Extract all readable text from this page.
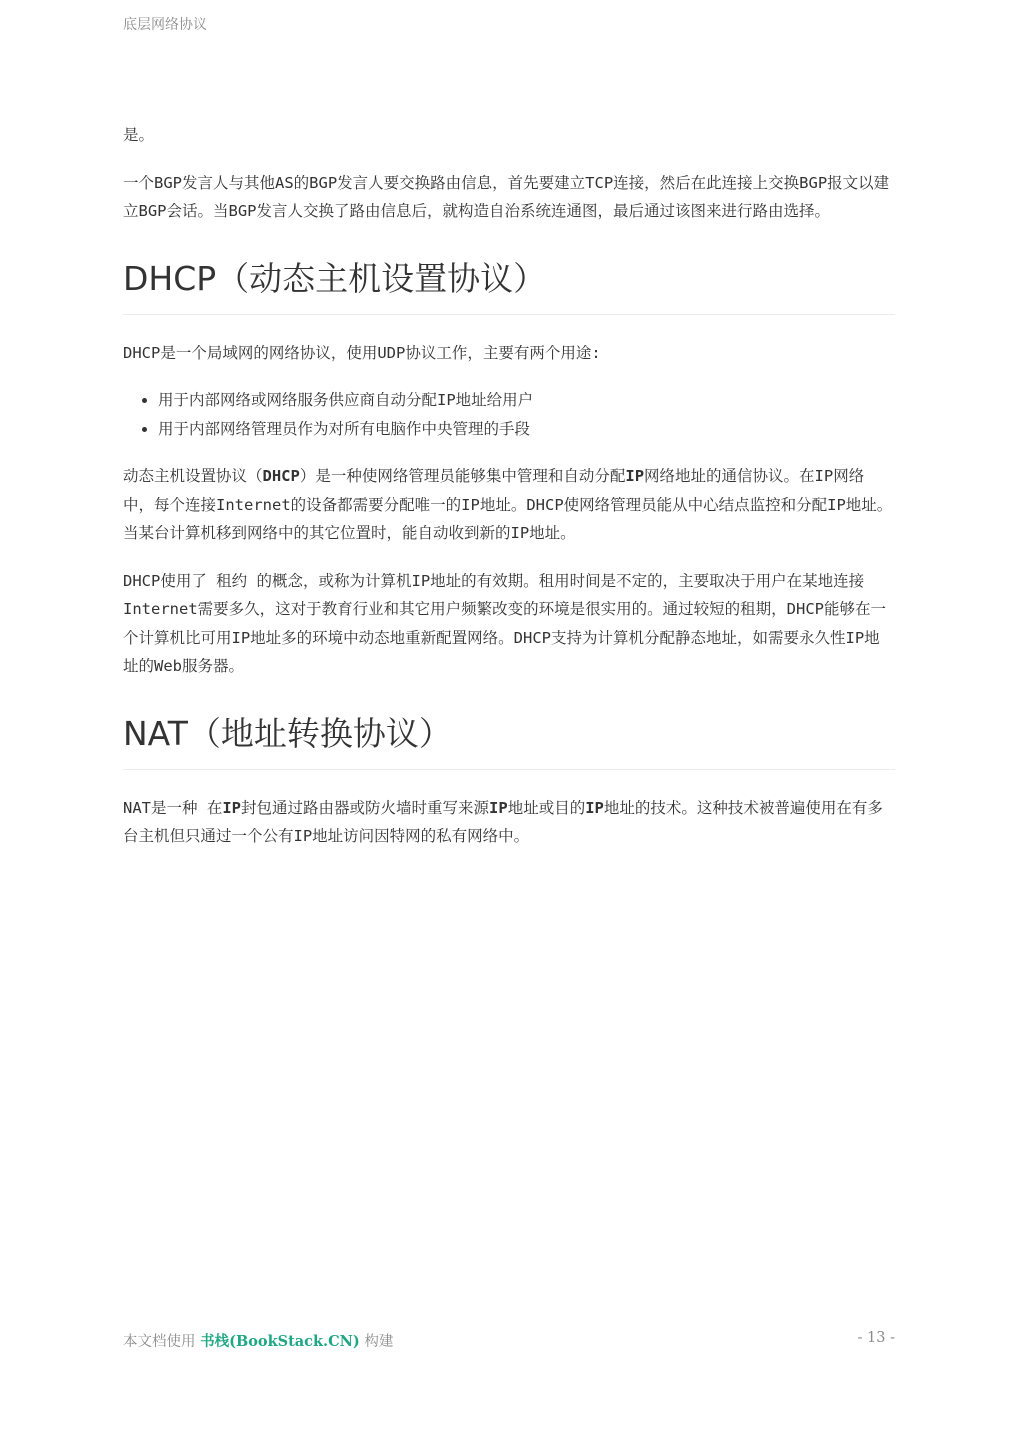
底层网络协议

是。

一个BGP发言人与其他AS的BGP发言人要交换路由信息，首先要建立TCP连接，然后在此连接上交换BGP报文以建立BGP会话。当BGP发言人交换了路由信息后，就构造自治系统连通图，最后通过该图来进行路由选择。

DHCP（动态主机设置协议）

DHCP是一个局域网的网络协议，使用UDP协议工作，主要有两个用途:

• 用于内部网络或网络服务供应商自动分配IP地址给用户
• 用于内部网络管理员作为对所有电脑作中央管理的手段

动态主机设置协议（DHCP）是一种使网络管理员能够集中管理和自动分配IP网络地址的通信协议。在IP网络中，每个连接Internet的设备都需要分配唯一的IP地址。DHCP使网络管理员能从中心结点监控和分配IP地址。当某台计算机移到网络中的其它位置时，能自动收到新的IP地址。

DHCP使用了 租约 的概念，或称为计算机IP地址的有效期。租用时间是不定的，主要取决于用户在某地连接Internet需要多久，这对于教育行业和其它用户频繁改变的环境是很实用的。通过较短的租期，DHCP能够在一个计算机比可用IP地址多的环境中动态地重新配置网络。DHCP支持为计算机分配静态地址，如需要永久性IP地址的Web服务器。

NAT（地址转换协议）

NAT是一种 在IP封包通过路由器或防火墙时重写来源IP地址或目的IP地址的技术。这种技术被普遍使用在有多台主机但只通过一个公有IP地址访问因特网的私有网络中。

本文档使用 书栈(BookStack.CN) 构建	- 13 -
